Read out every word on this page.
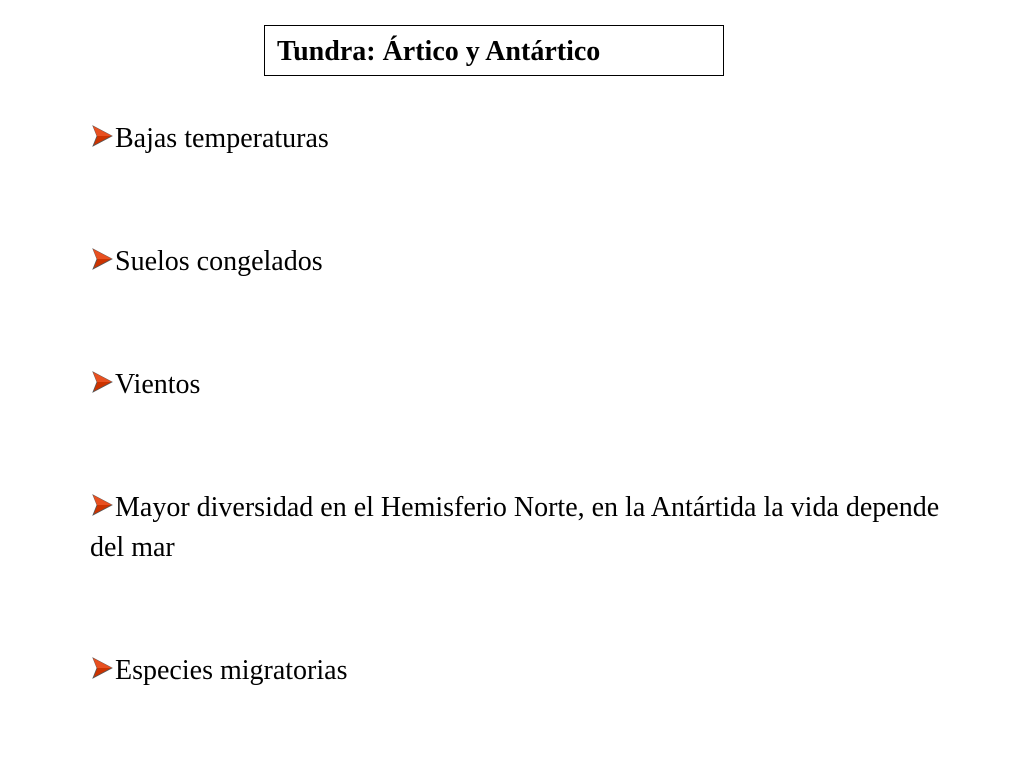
Tundra: Ártico y Antártico
Bajas temperaturas
Suelos congelados
Vientos
Mayor diversidad en el Hemisferio Norte, en la Antártida la vida depende del mar
Especies migratorias
